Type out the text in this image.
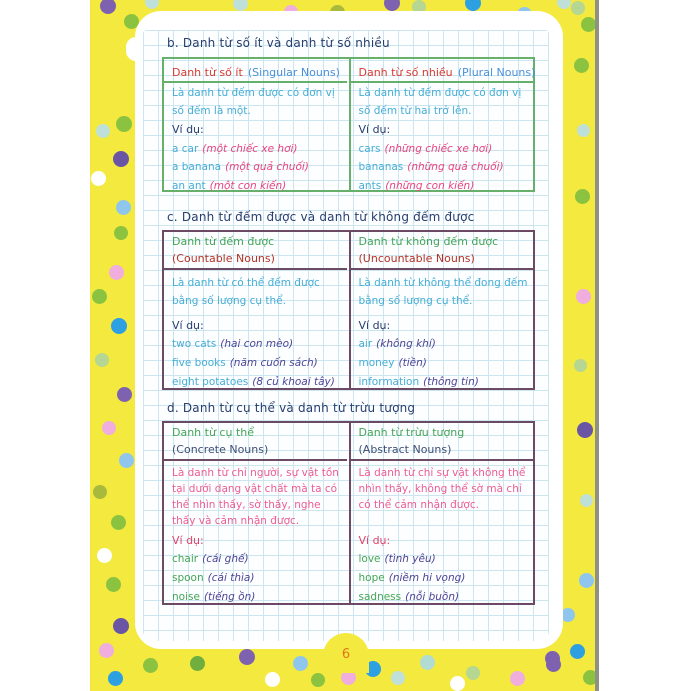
b. Danh từ số ít và danh từ số nhiều
Danh từ số ít (Singular Nouns)
Là danh từ đếm được có đơn vị số đếm là một.
Ví dụ:
a car (một chiếc xe hơi)
a banana (một quả chuối)
an ant (một con kiến)
Danh từ số nhiều (Plural Nouns)
Là danh từ đếm được có đơn vị số đếm từ hai trở lên.
Ví dụ:
cars (những chiếc xe hơi)
bananas (những quả chuối)
ants (những con kiến)
c. Danh từ đếm được và danh từ không đếm được
Danh từ đếm được
(Countable Nouns)
Là danh từ có thể đếm được bằng số lượng cụ thể.
Ví dụ:
two cats (hai con mèo)
five books (năm cuốn sách)
eight potatoes (8 củ khoai tây)
Danh từ không đếm được
(Uncountable Nouns)
Là danh từ không thể đong đếm bằng số lượng cụ thể.
Ví dụ:
air (không khí)
money (tiền)
information (thông tin)
d. Danh từ cụ thể và danh từ trừu tượng
Danh từ cụ thể
(Concrete Nouns)
Là danh từ chỉ người, sự vật tồn tại dưới dạng vật chất mà ta có thể nhìn thấy, sờ thấy, nghe thấy và cảm nhận được.
Ví dụ:
chair (cái ghế)
spoon (cái thìa)
noise (tiếng ồn)
Danh từ trừu tượng
(Abstract Nouns)
Là danh từ chỉ sự vật không thể nhìn thấy, không thể sờ mà chỉ có thể cảm nhận được.
Ví dụ:
love (tình yêu)
hope (niềm hi vọng)
sadness (nỗi buồn)
6
